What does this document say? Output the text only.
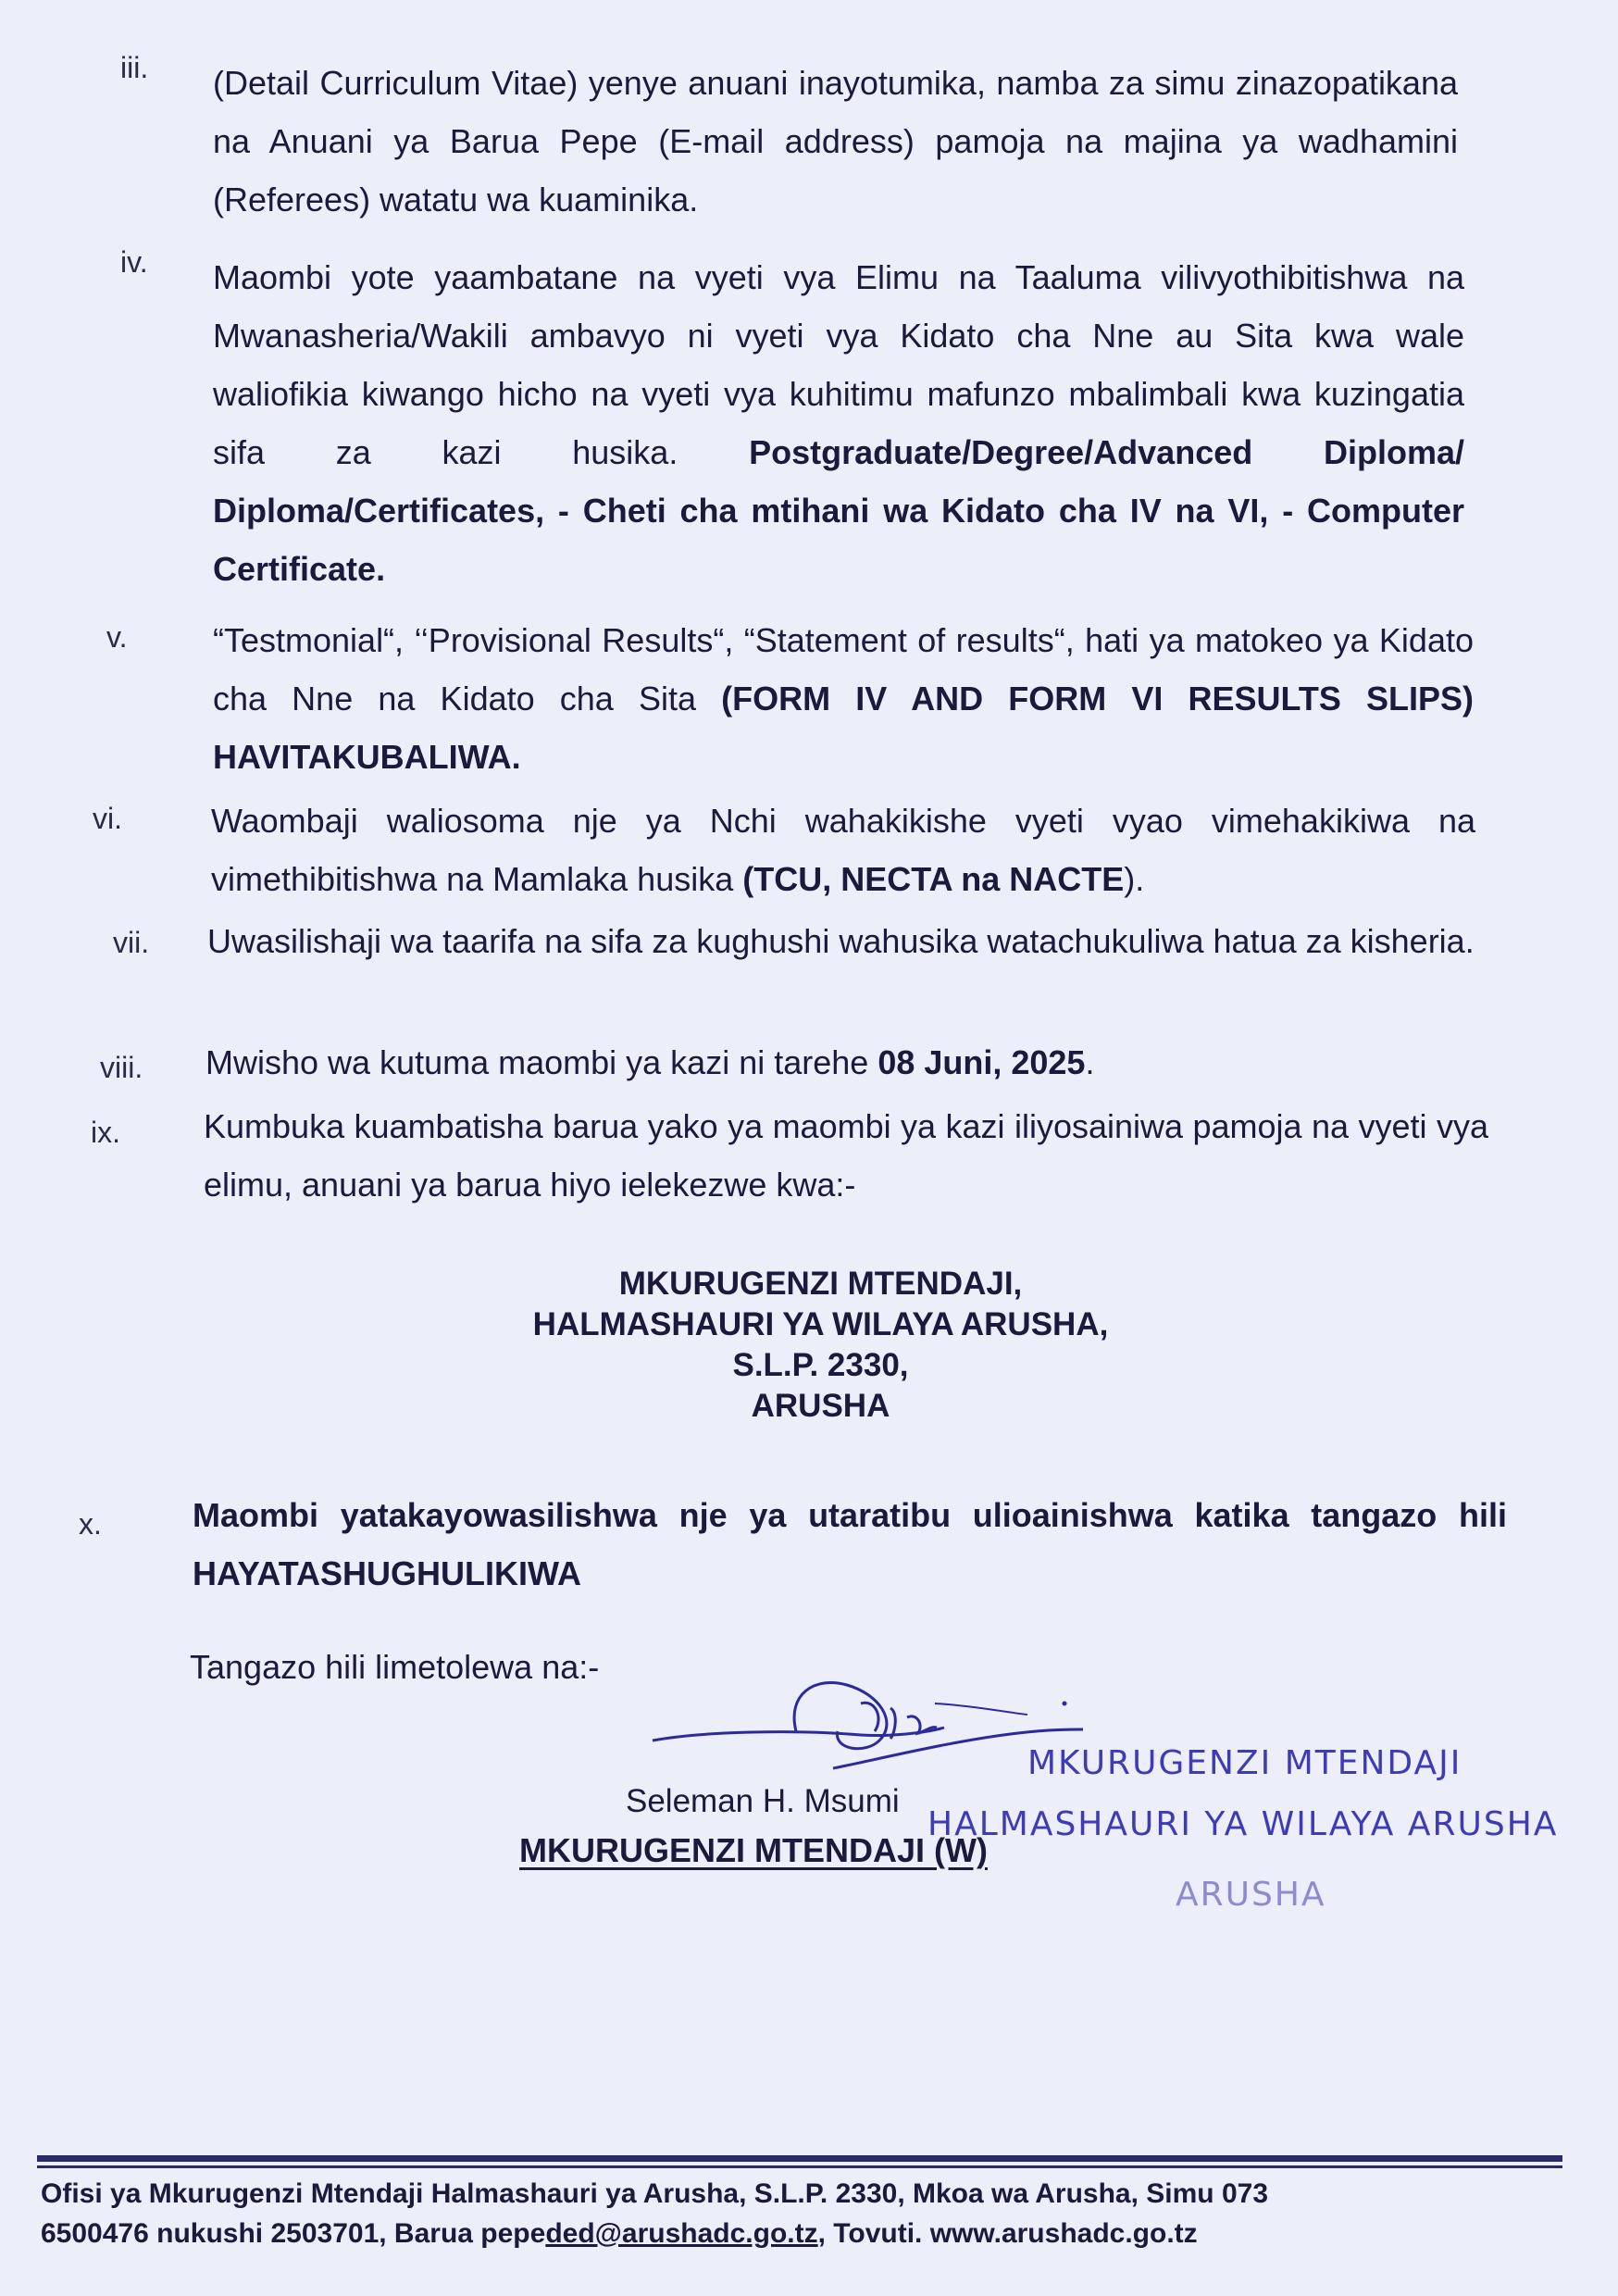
iii. (Detail Curriculum Vitae) yenye anuani inayotumika, namba za simu zinazopatikana na Anuani ya Barua Pepe (E-mail address) pamoja na majina ya wadhamini (Referees) watatu wa kuaminika.
iv. Maombi yote yaambatane na vyeti vya Elimu na Taaluma vilivyothibitishwa na Mwanasheria/Wakili ambavyo ni vyeti vya Kidato cha Nne au Sita kwa wale waliofikia kiwango hicho na vyeti vya kuhitimu mafunzo mbalimbali kwa kuzingatia sifa za kazi husika. Postgraduate/Degree/Advanced Diploma/ Diploma/Certificates, - Cheti cha mtihani wa Kidato cha IV na VI, - Computer Certificate.
v.	“Testmonial“, ‘‘Provisional Results“, “Statement of results“, hati ya matokeo ya Kidato cha Nne na Kidato cha Sita (FORM IV AND FORM VI RESULTS SLIPS) HAVITAKUBALIWA.
vi.	Waombaji waliosoma nje ya Nchi wahakikishe vyeti vyao vimehakikiwa na vimethibitishwa na Mamlaka husika (TCU, NECTA na NACTE).
vii. Uwasilishaji wa taarifa na sifa za kughushi wahusika watachukuliwa hatua za kisheria.
viii. Mwisho wa kutuma maombi ya kazi ni tarehe 08 Juni, 2025.
ix.	Kumbuka kuambatisha barua yako ya maombi ya kazi iliyosainiwa pamoja na vyeti vya elimu, anuani ya barua hiyo ielekezwe kwa:-
MKURUGENZI MTENDAJI,
HALMASHAURI YA WILAYA ARUSHA,
S.L.P. 2330,
ARUSHA
x.	Maombi yatakayowasilishwa nje ya utaratibu ulioainishwa katika tangazo hili HAYATASHUGHULIKIWA
Tangazo hili limetolewa na:-
Seleman H. Msumi
MKURUGENZI MTENDAJI (W)
MKURUGENZI MTENDAJI
HALMASHAURI YA WILAYA ARUSHA
ARUSHA
Ofisi ya Mkurugenzi Mtendaji Halmashauri ya Arusha, S.L.P. 2330, Mkoa wa Arusha, Simu 073
6500476 nukushi 2503701, Barua pepeded@arushadc.go.tz, Tovuti. www.arushadc.go.tz
